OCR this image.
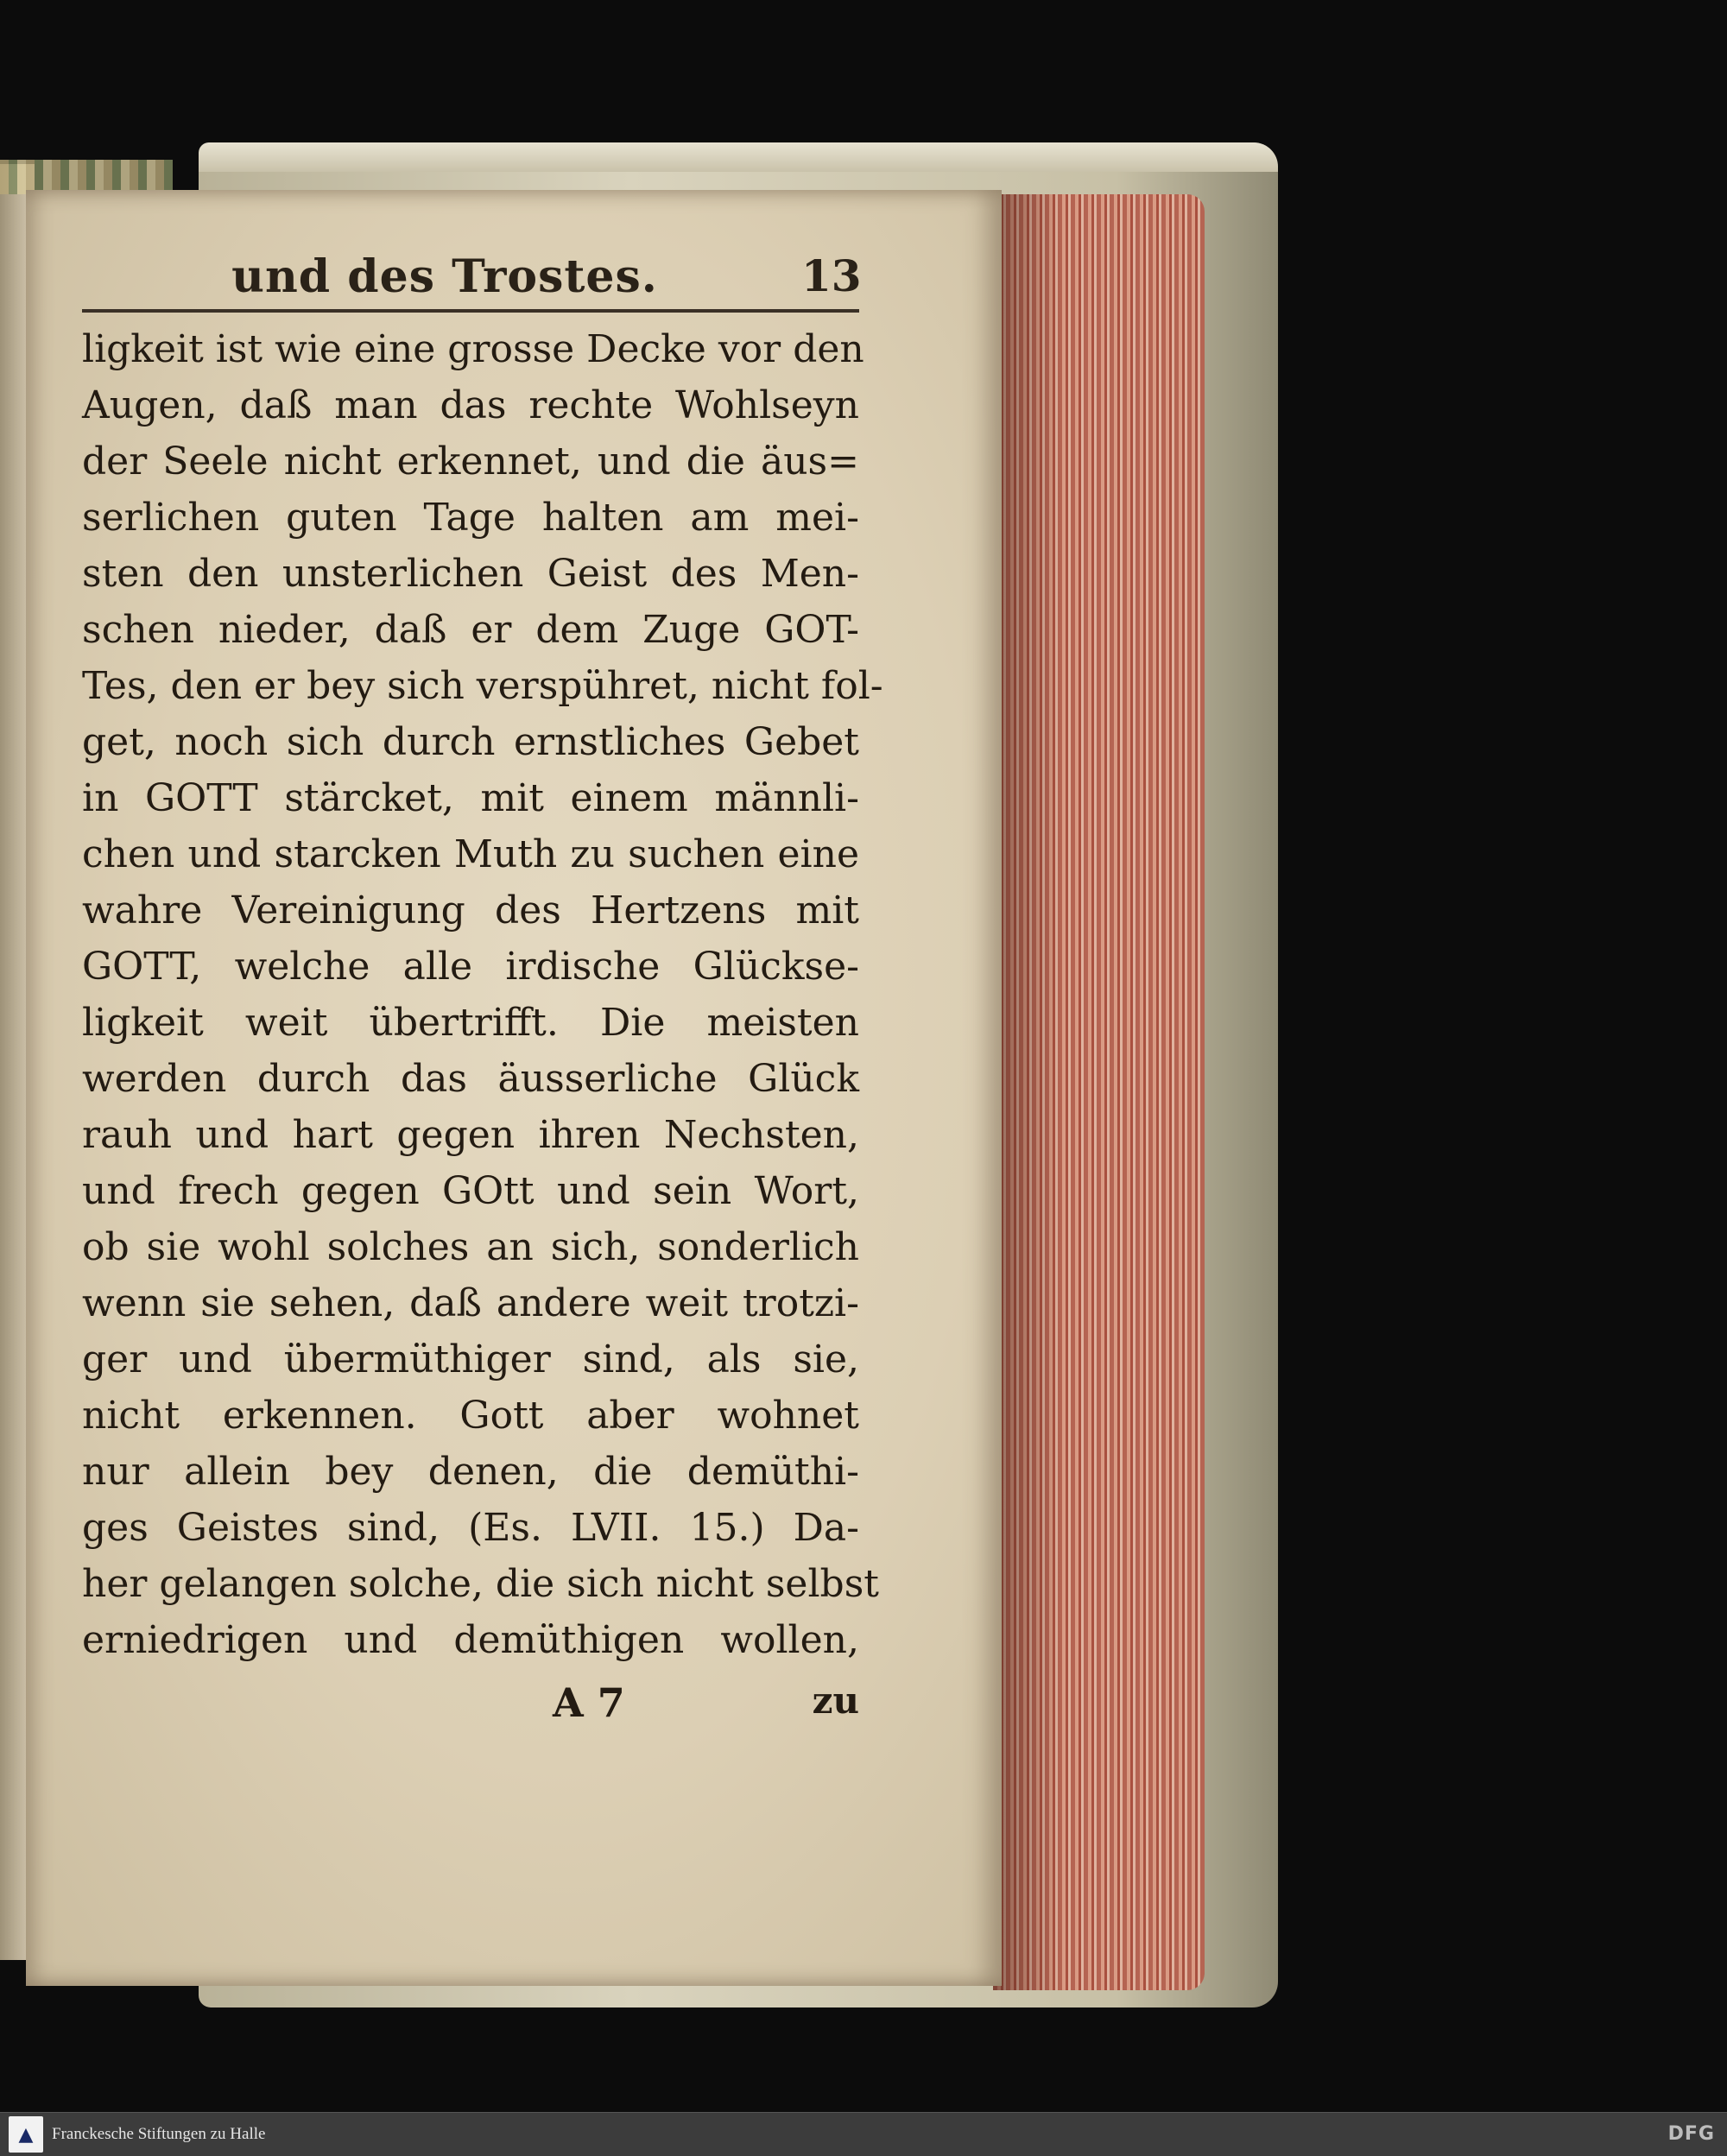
und des Trostes.	13
ligkeit ist wie eine grosse Decke vor den
Augen, daß man das rechte Wohlseyn
der Seele nicht erkennet, und die äus=
serlichen guten Tage halten am mei-
sten den unsterlichen Geist des Men-
schen nieder, daß er dem Zuge GOT-
Tes, den er bey sich verspühret, nicht fol-
get, noch sich durch ernstliches Gebet
in GOTT stärcket, mit einem männli-
chen und starcken Muth zu suchen eine
wahre Vereinigung des Hertzens mit
GOTT, welche alle irdische Glückse-
ligkeit weit übertrifft. Die meisten
werden durch das äusserliche Glück
rauh und hart gegen ihren Nechsten,
und frech gegen GOtt und sein Wort,
ob sie wohl solches an sich, sonderlich
wenn sie sehen, daß andere weit trotzi-
ger und übermüthiger sind, als sie,
nicht erkennen. Gott aber wohnet
nur allein bey denen, die demüthi-
ges Geistes sind, (Es. LVII. 15.) Da-
her gelangen solche, die sich nicht selbst
erniedrigen und demüthigen wollen,
A 7	zu
▲	Franckesche Stiftungen zu Halle	DFG
